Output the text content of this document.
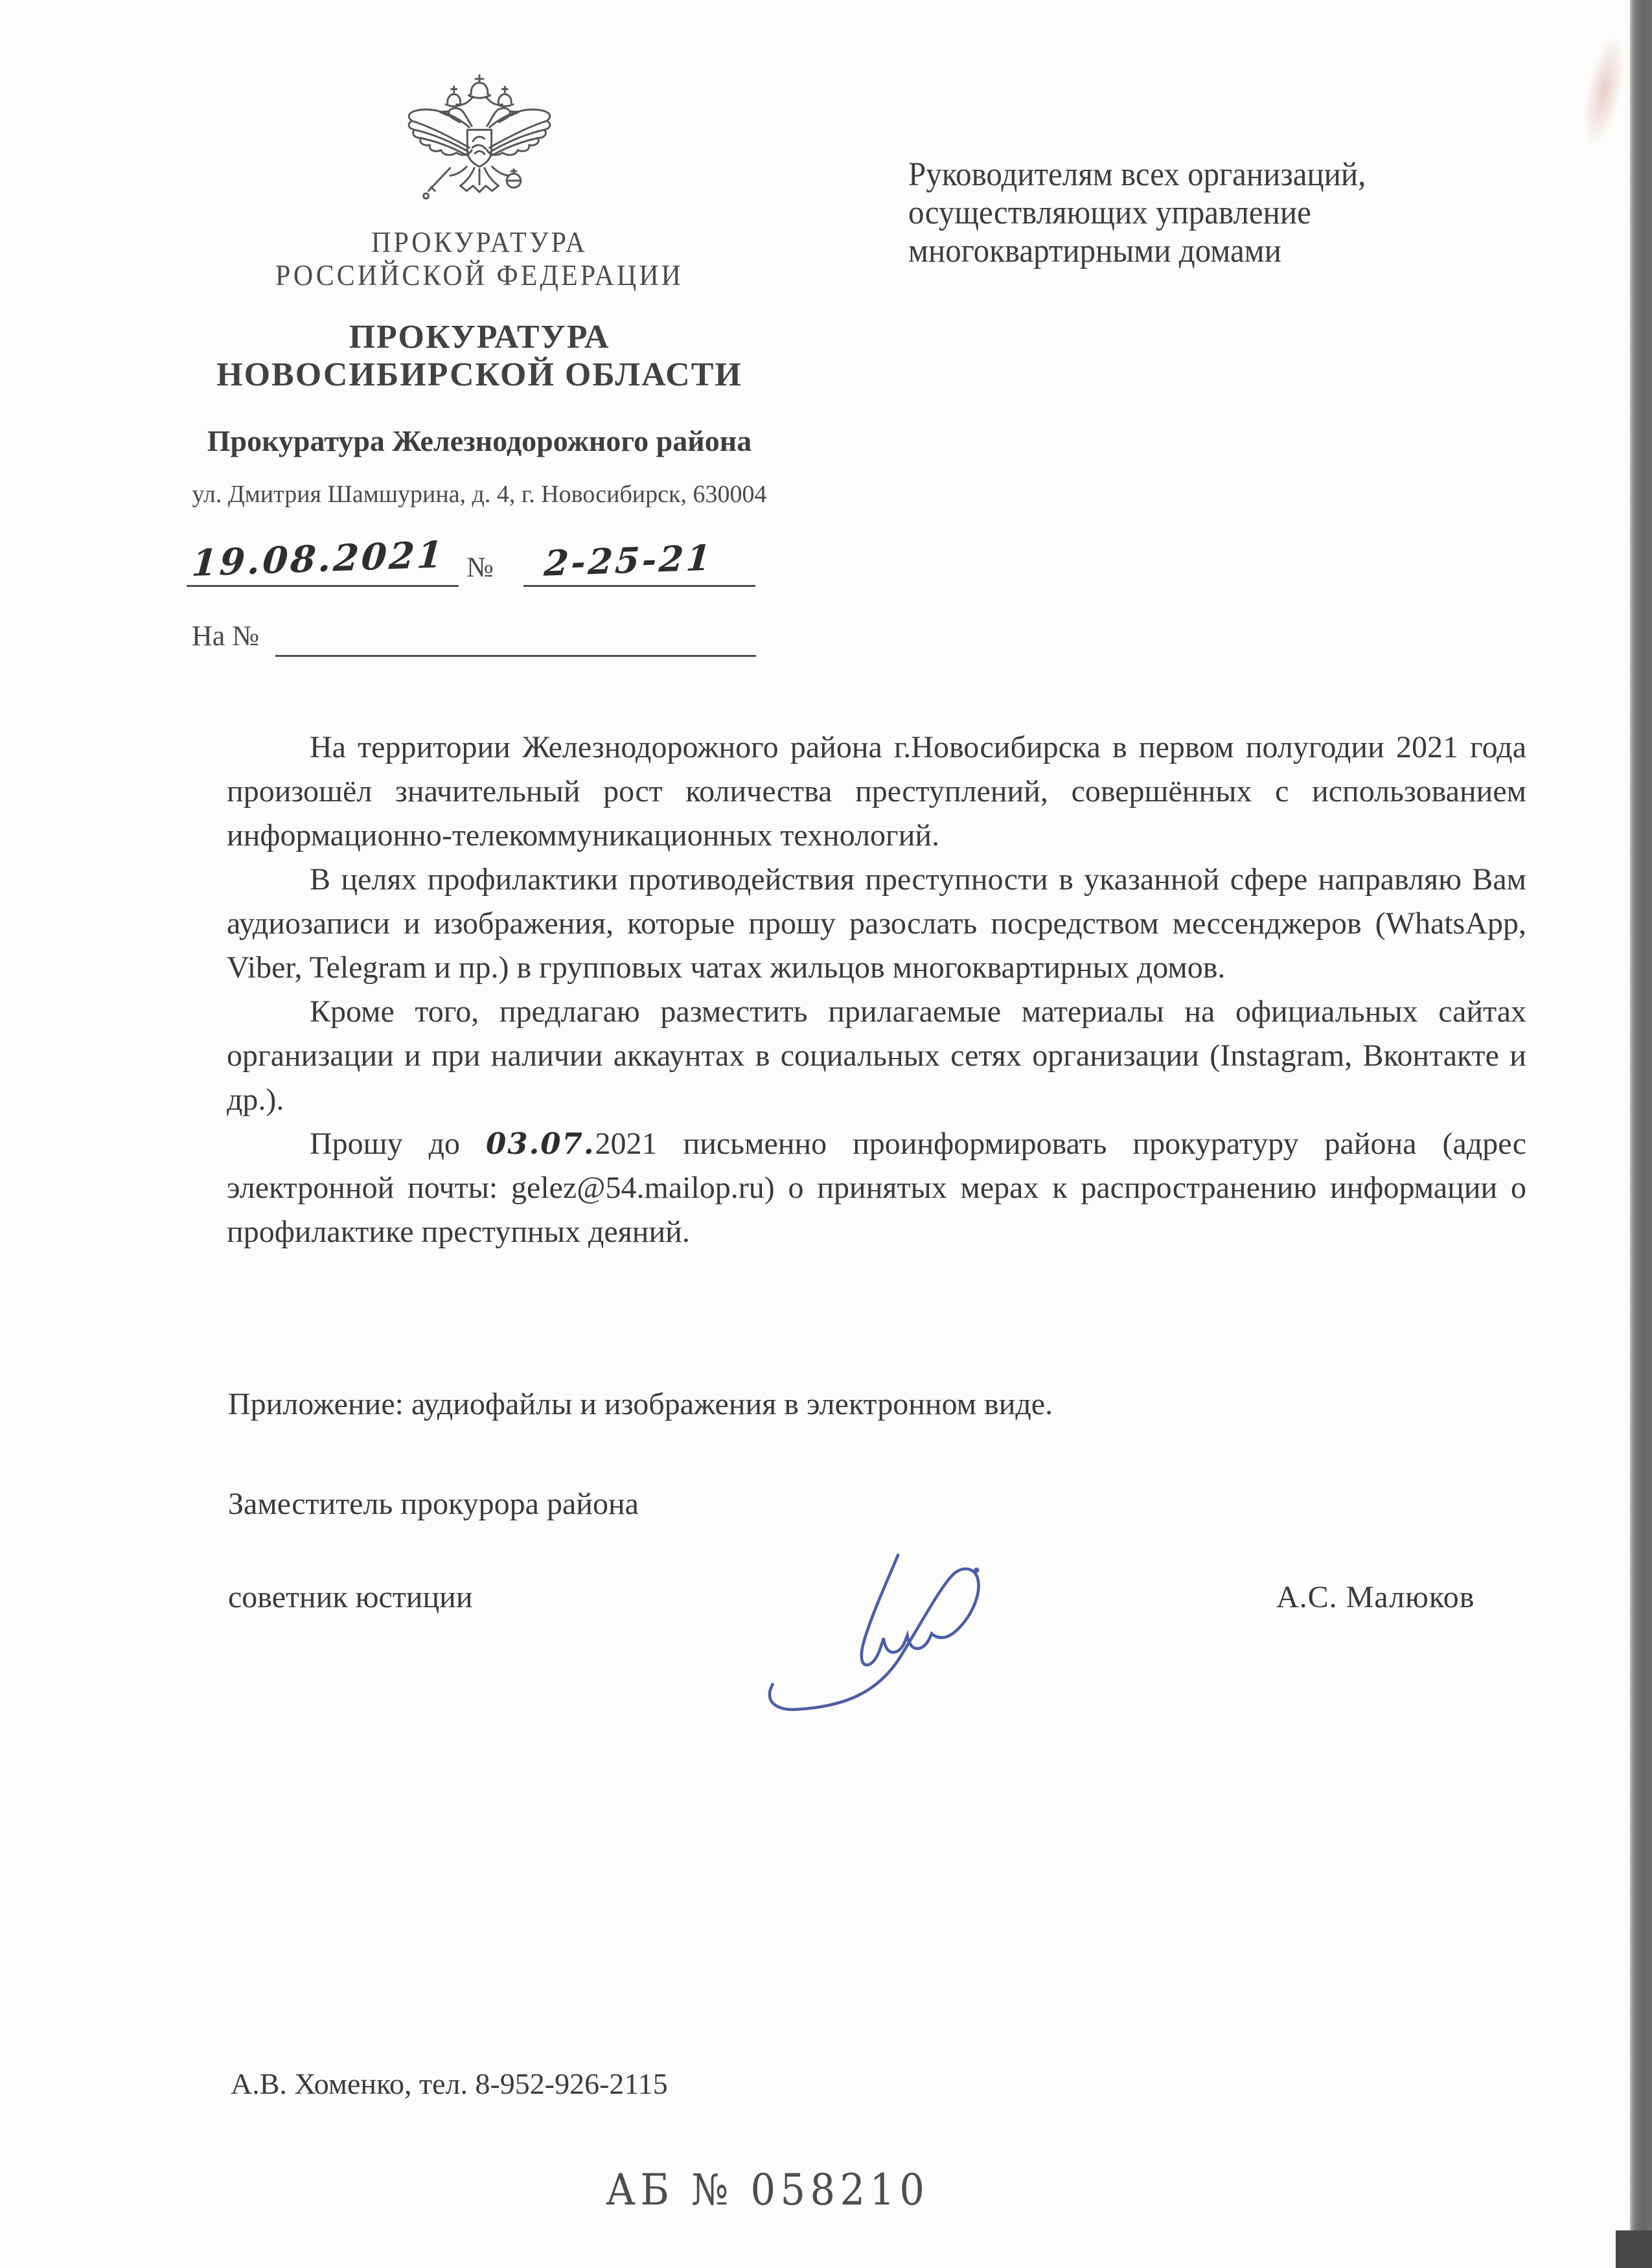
ПРОКУРАТУРА
РОССИЙСКОЙ ФЕДЕРАЦИИ
ПРОКУРАТУРА
НОВОСИБИРСКОЙ ОБЛАСТИ
Прокуратура Железнодорожного района
ул. Дмитрия Шамшурина, д. 4, г. Новосибирск, 630004
Руководителям всех организаций,
осуществляющих управление
многоквартирными домами
19.08.2021 № 2-25-21
На №

На территории Железнодорожного района г.Новосибирска в первом полугодии 2021 года произошёл значительный рост количества преступлений, совершённых с использованием информационно-телекоммуникационных технологий.

В целях профилактики противодействия преступности в указанной сфере направляю Вам аудиозаписи и изображения, которые прошу разослать посредством мессенджеров (WhatsApp, Viber, Telegram и пр.) в групповых чатах жильцов многоквартирных домов.

Кроме того, предлагаю разместить прилагаемые материалы на официальных сайтах организации и при наличии аккаунтах в социальных сетях организации (Instagram, Вконтакте и др.).

Прошу до 03.07.2021 письменно проинформировать прокуратуру района (адрес электронной почты: gelez@54.mailop.ru) о принятых мерах к распространению информации о профилактике преступных деяний.

Приложение: аудиофайлы и изображения в электронном виде.
Заместитель прокурора района
советник юстиции	А.С. Малюков
А.В. Хоменко, тел. 8-952-926-2115
АБ № 058210
